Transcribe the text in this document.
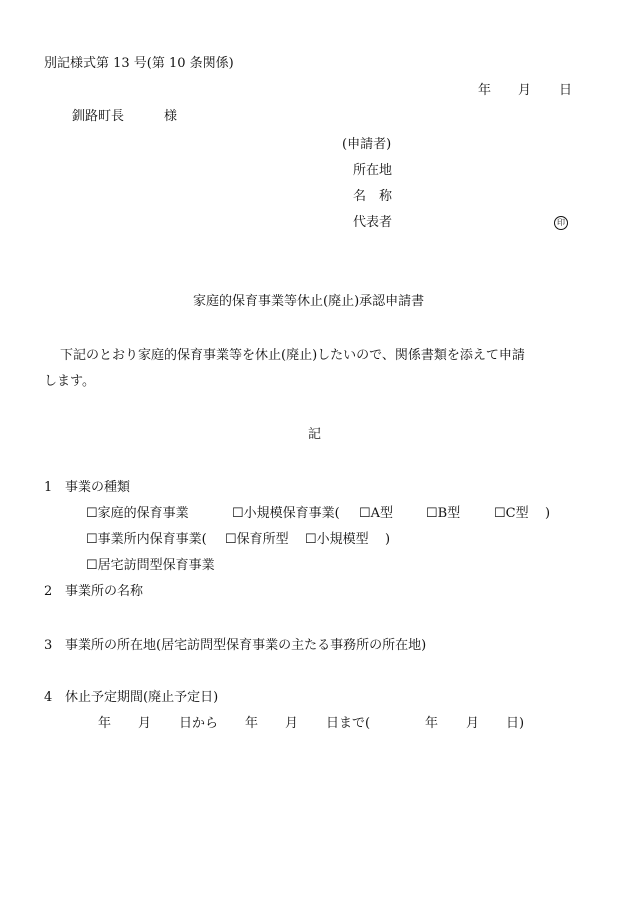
別記様式第 13 号(第 10 条関係)
年 月 日
釧路町長	様
(申請者)
所在地
名　称
代表者	印
家庭的保育事業等休止(廃止)承認申請書
下記のとおり家庭的保育事業等を休止(廃止)したいので、関係書類を添えて申請
します。
記
1 事業の種類
☐家庭的保育事業	☐小規模保育事業( ☐A型	☐B型	☐C型 )
☐事業所内保育事業( ☐保育所型 ☐小規模型 )
☐居宅訪問型保育事業
2 事業所の名称
3 事業所の所在地(居宅訪問型保育事業の主たる事務所の所在地)
4 休止予定期間(廃止予定日)
年 月 日から 年 月 日まで(	年 月 日)
